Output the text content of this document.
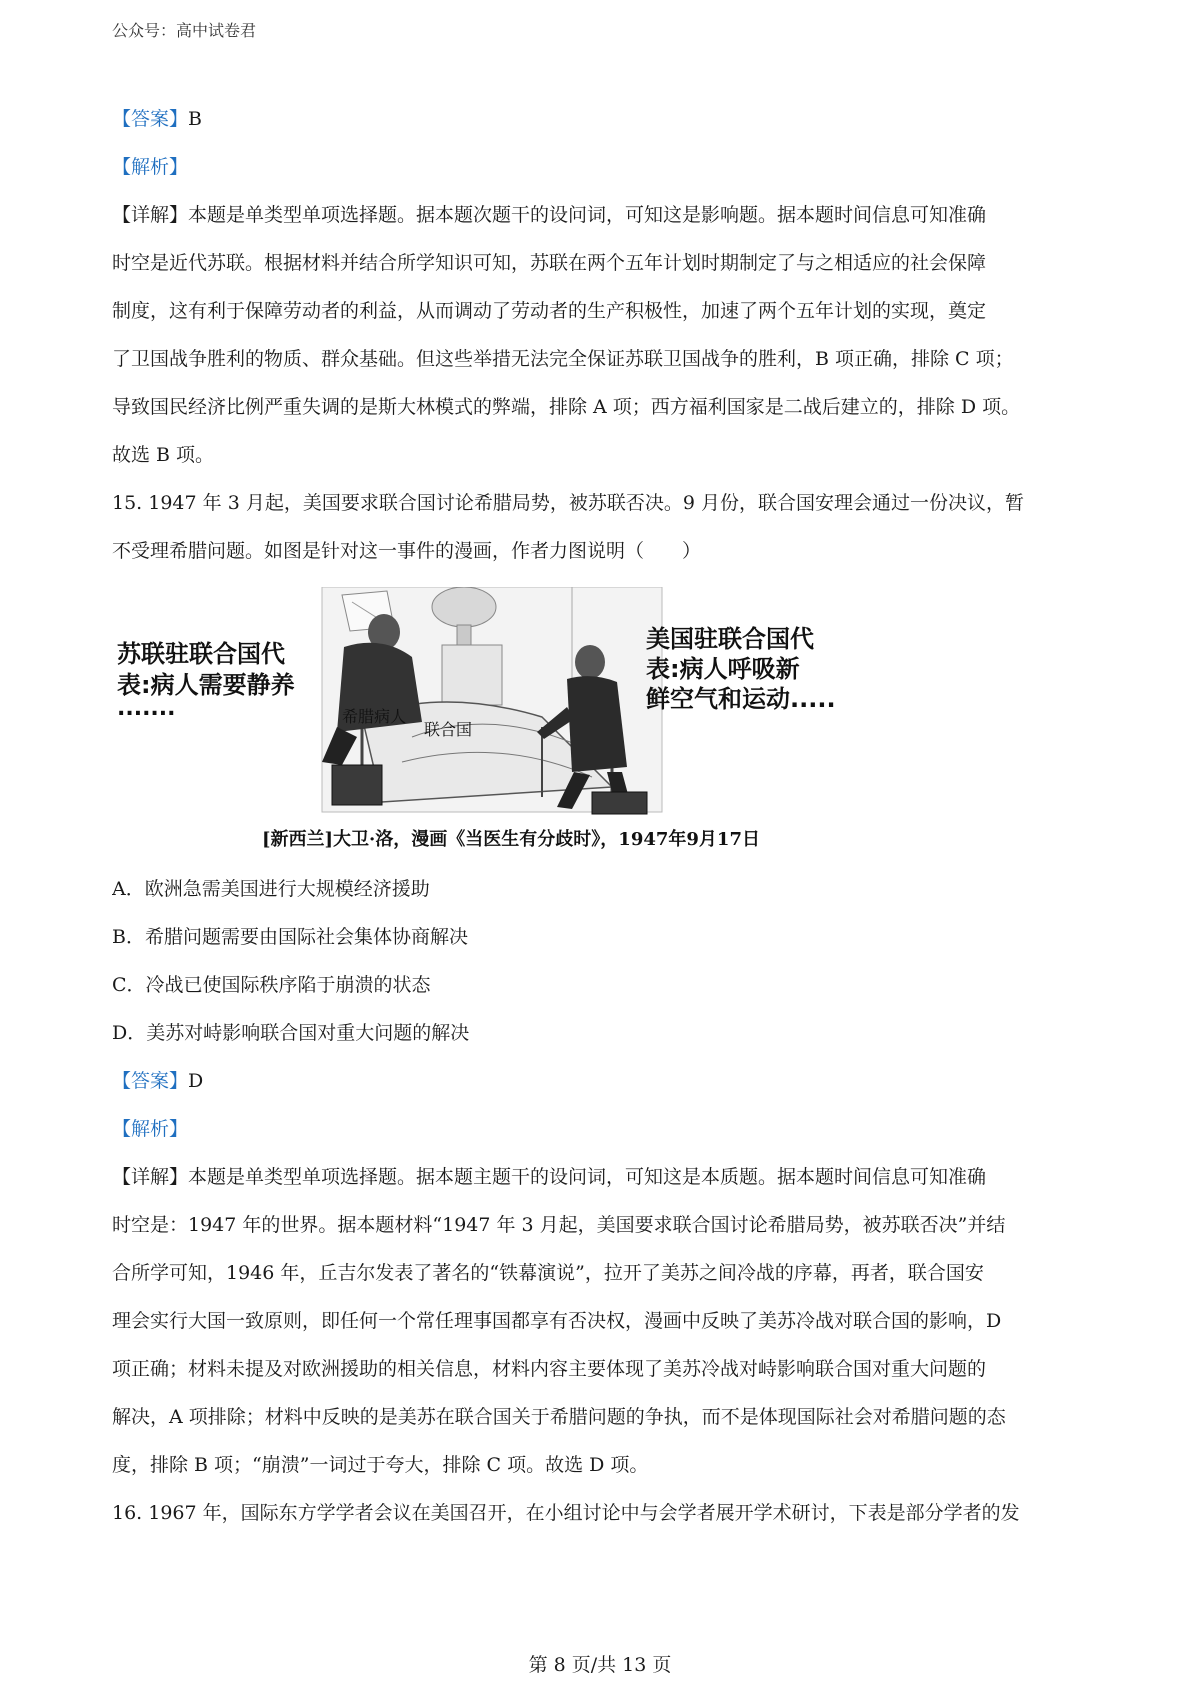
公众号：高中试卷君
【答案】B
【解析】
【详解】本题是单类型单项选择题。据本题次题干的设问词，可知这是影响题。据本题时间信息可知准确
时空是近代苏联。根据材料并结合所学知识可知，苏联在两个五年计划时期制定了与之相适应的社会保障
制度，这有利于保障劳动者的利益，从而调动了劳动者的生产积极性，加速了两个五年计划的实现，奠定
了卫国战争胜利的物质、群众基础。但这些举措无法完全保证苏联卫国战争的胜利，B 项正确，排除 C 项；
导致国民经济比例严重失调的是斯大林模式的弊端，排除 A 项；西方福利国家是二战后建立的，排除 D 项。
故选 B 项。
15. 1947 年 3 月起，美国要求联合国讨论希腊局势，被苏联否决。9 月份，联合国安理会通过一份决议，暂
不受理希腊问题。如图是针对这一事件的漫画，作者力图说明（　　）
苏联驻联合国代
表:病人需要静养
.......
美国驻联合国代
表:病人呼吸新
鲜空气和运动.....
希腊病人
联合国
[新西兰]大卫·洛，漫画《当医生有分歧时》，1947年9月17日
A．欧洲急需美国进行大规模经济援助
B．希腊问题需要由国际社会集体协商解决
C．冷战已使国际秩序陷于崩溃的状态
D．美苏对峙影响联合国对重大问题的解决
【答案】D
【解析】
【详解】本题是单类型单项选择题。据本题主题干的设问词，可知这是本质题。据本题时间信息可知准确
时空是：1947 年的世界。据本题材料“1947 年 3 月起，美国要求联合国讨论希腊局势，被苏联否决”并结
合所学可知，1946 年，丘吉尔发表了著名的“铁幕演说”，拉开了美苏之间冷战的序幕，再者，联合国安
理会实行大国一致原则，即任何一个常任理事国都享有否决权，漫画中反映了美苏冷战对联合国的影响，D
项正确；材料未提及对欧洲援助的相关信息，材料内容主要体现了美苏冷战对峙影响联合国对重大问题的
解决，A 项排除；材料中反映的是美苏在联合国关于希腊问题的争执，而不是体现国际社会对希腊问题的态
度，排除 B 项；“崩溃”一词过于夸大，排除 C 项。故选 D 项。
16. 1967 年，国际东方学学者会议在美国召开，在小组讨论中与会学者展开学术研讨，下表是部分学者的发
第 8 页/共 13 页
